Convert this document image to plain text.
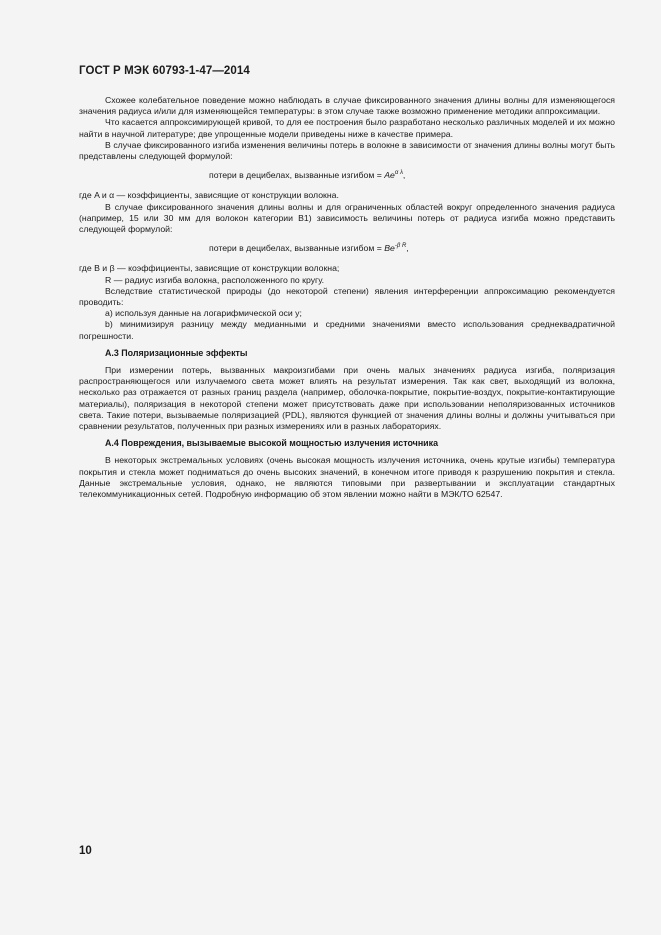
ГОСТ Р МЭК 60793-1-47—2014

Схожее колебательное поведение можно наблюдать в случае фиксированного значения длины волны для изменяющегося значения радиуса и/или для изменяющейся температуры: в этом случае также возможно применение методики аппроксимации.

Что касается аппроксимирующей кривой, то для ее построения было разработано несколько различных моделей и их можно найти в научной литературе; две упрощенные модели приведены ниже в качестве примера.

В случае фиксированного изгиба изменения величины потерь в волокне в зависимости от значения длины волны могут быть представлены следующей формулой:

потери в децибелах, вызванные изгибом = $Ae^{\alpha \lambda}$,

где A и α — коэффициенты, зависящие от конструкции волокна.

В случае фиксированного значения длины волны и для ограниченных областей вокруг определенного значения радиуса (например, 15 или 30 мм для волокон категории В1) зависимость величины потерь от радиуса изгиба можно представить следующей формулой:

потери в децибелах, вызванные изгибом = $Be^{-\beta R}$,

где В и β — коэффициенты, зависящие от конструкции волокна;

R — радиус изгиба волокна, расположенного по кругу.

Вследствие статистической природы (до некоторой степени) явления интерференции аппроксимацию рекомендуется проводить:

а) используя данные на логарифмической оси у;

b) минимизируя разницу между медианными и средними значениями вместо использования среднеквадратичной погрешности.

А.3 Поляризационные эффекты

При измерении потерь, вызванных макроизгибами при очень малых значениях радиуса изгиба, поляризация распространяющегося или излучаемого света может влиять на результат измерения. Так как свет, выходящий из волокна, несколько раз отражается от разных границ раздела (например, оболочка-покрытие, покрытие-воздух, покрытие-контактирующие материалы), поляризация в некоторой степени может присутствовать даже при использовании неполяризованных источников света. Такие потери, вызываемые поляризацией (PDL), являются функцией от значения длины волны и должны учитываться при сравнении результатов, полученных при разных измерениях или в разных лабораториях.

А.4 Повреждения, вызываемые высокой мощностью излучения источника

В некоторых экстремальных условиях (очень высокая мощность излучения источника, очень крутые изгибы) температура покрытия и стекла может подниматься до очень высоких значений, в конечном итоге приводя к разрушению покрытия и стекла. Данные экстремальные условия, однако, не являются типовыми при развертывании и эксплуатации стандартных телекоммуникационных сетей. Подробную информацию об этом явлении можно найти в МЭК/ТО 62547.

10
